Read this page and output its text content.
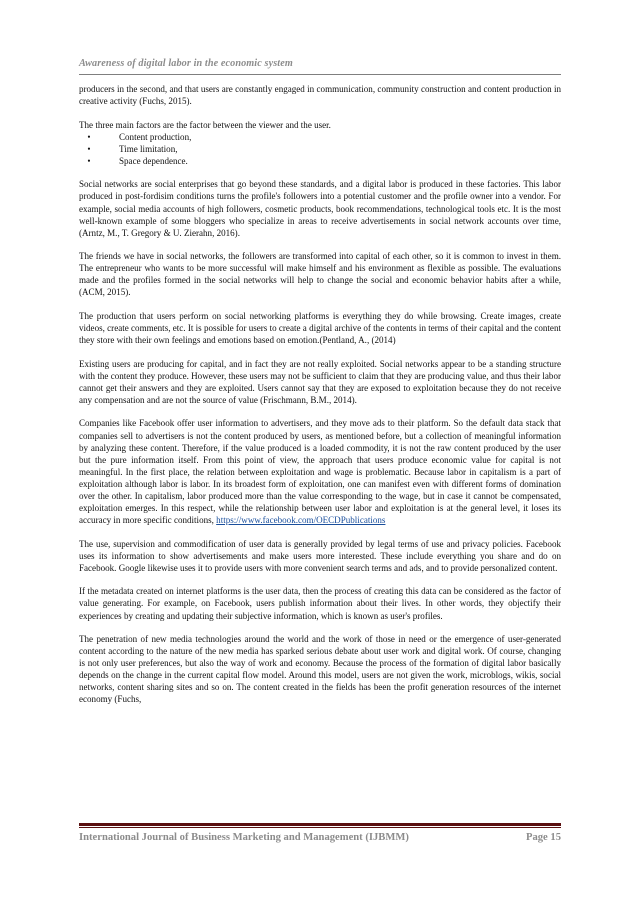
Awareness of digital labor in the economic system

producers in the second, and that users are constantly engaged in communication, community construction and content production in creative activity (Fuchs, 2015).

The three main factors are the factor between the viewer and the user.

•	Content production,
•	Time limitation,
•	Space dependence.

Social networks are social enterprises that go beyond these standards, and a digital labor is produced in these factories. This labor produced in post-fordisim conditions turns the profile's followers into a potential customer and the profile owner into a vendor. For example, social media accounts of high followers, cosmetic products, book recommendations, technological tools etc. It is the most well-known example of some bloggers who specialize in areas to receive advertisements in social network accounts over time, (Arntz, M., T. Gregory & U. Zierahn, 2016).

The friends we have in social networks, the followers are transformed into capital of each other, so it is common to invest in them. The entrepreneur who wants to be more successful will make himself and his environment as flexible as possible. The evaluations made and the profiles formed in the social networks will help to change the social and economic behavior habits after a while,(ACM, 2015).

The production that users perform on social networking platforms is everything they do while browsing. Create images, create videos, create comments, etc. It is possible for users to create a digital archive of the contents in terms of their capital and the content they store with their own feelings and emotions based on emotion.(Pentland, A., (2014)

Existing users are producing for capital, and in fact they are not really exploited. Social networks appear to be a standing structure with the content they produce. However, these users may not be sufficient to claim that they are producing value, and thus their labor cannot get their answers and they are exploited. Users cannot say that they are exposed to exploitation because they do not receive any compensation and are not the source of value (Frischmann, B.M., 2014).

Companies like Facebook offer user information to advertisers, and they move ads to their platform. So the default data stack that companies sell to advertisers is not the content produced by users, as mentioned before, but a collection of meaningful information by analyzing these content. Therefore, if the value produced is a loaded commodity, it is not the raw content produced by the user but the pure information itself. From this point of view, the approach that users produce economic value for capital is not meaningful. In the first place, the relation between exploitation and wage is problematic. Because labor in capitalism is a part of exploitation although labor is labor. In its broadest form of exploitation, one can manifest even with different forms of domination over the other. In capitalism, labor produced more than the value corresponding to the wage, but in case it cannot be compensated, exploitation emerges. In this respect, while the relationship between user labor and exploitation is at the general level, it loses its accuracy in more specific conditions, https://www.facebook.com/OECDPublications

The use, supervision and commodification of user data is generally provided by legal terms of use and privacy policies. Facebook uses its information to show advertisements and make users more interested. These include everything you share and do on Facebook. Google likewise uses it to provide users with more convenient search terms and ads, and to provide personalized content.

If the metadata created on internet platforms is the user data, then the process of creating this data can be considered as the factor of value generating. For example, on Facebook, users publish information about their lives. In other words, they objectify their experiences by creating and updating their subjective information, which is known as user's profiles.

The penetration of new media technologies around the world and the work of those in need or the emergence of user-generated content according to the nature of the new media has sparked serious debate about user work and digital work. Of course, changing is not only user preferences, but also the way of work and economy. Because the process of the formation of digital labor basically depends on the change in the current capital flow model. Around this model, users are not given the work, microblogs, wikis, social networks, content sharing sites and so on. The content created in the fields has been the profit generation resources of the internet economy (Fuchs,

International Journal of Business Marketing and Management (IJBMM)	Page 15
